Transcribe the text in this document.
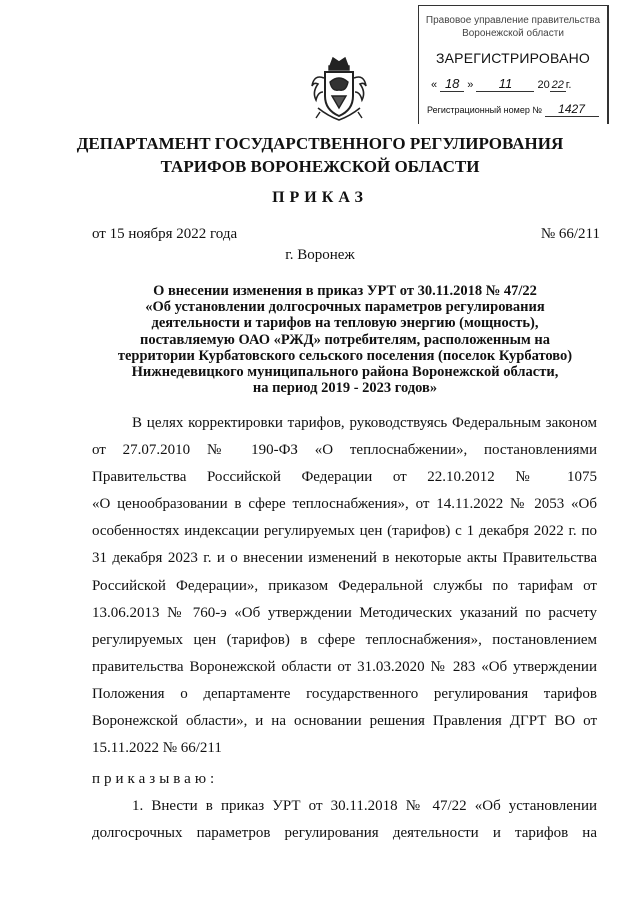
Правовое управление правительства
Воронежской области
ЗАРЕГИСТРИРОВАНО
« 18 » 11 20 22 г.
Регистрационный номер № 1427
ДЕПАРТАМЕНТ ГОСУДАРСТВЕННОГО РЕГУЛИРОВАНИЯ
ТАРИФОВ ВОРОНЕЖСКОЙ ОБЛАСТИ
ПРИКАЗ
от 15 ноября 2022 года	№ 66/211
г. Воронеж
О внесении изменения в приказ УРТ от 30.11.2018 № 47/22
«Об установлении долгосрочных параметров регулирования
деятельности и тарифов на тепловую энергию (мощность),
поставляемую ОАО «РЖД» потребителям, расположенным на
территории Курбатовского сельского поселения (поселок Курбатово)
Нижнедевицкого муниципального района Воронежской области,
на период 2019 - 2023 годов»

В целях корректировки тарифов, руководствуясь Федеральным законом

от 27.07.2010 № 190-ФЗ «О теплоснабжении», постановлениями

Правительства Российской Федерации от 22.10.2012 № 1075

«О ценообразовании в сфере теплоснабжения», от 14.11.2022 № 2053 «Об

особенностях индексации регулируемых цен (тарифов) с 1 декабря 2022 г. по

31 декабря 2023 г. и о внесении изменений в некоторые акты Правительства

Российской Федерации», приказом Федеральной службы по тарифам от

13.06.2013 № 760-э «Об утверждении Методических указаний по расчету

регулируемых цен (тарифов) в сфере теплоснабжения», постановлением

правительства Воронежской области от 31.03.2020 № 283 «Об утверждении

Положения о департаменте государственного регулирования тарифов

Воронежской области», и на основании решения Правления ДГРТ ВО от

15.11.2022 № 66/211

приказываю:

1. Внести в приказ УРТ от 30.11.2018 № 47/22 «Об установлении

долгосрочных параметров регулирования деятельности и тарифов на
